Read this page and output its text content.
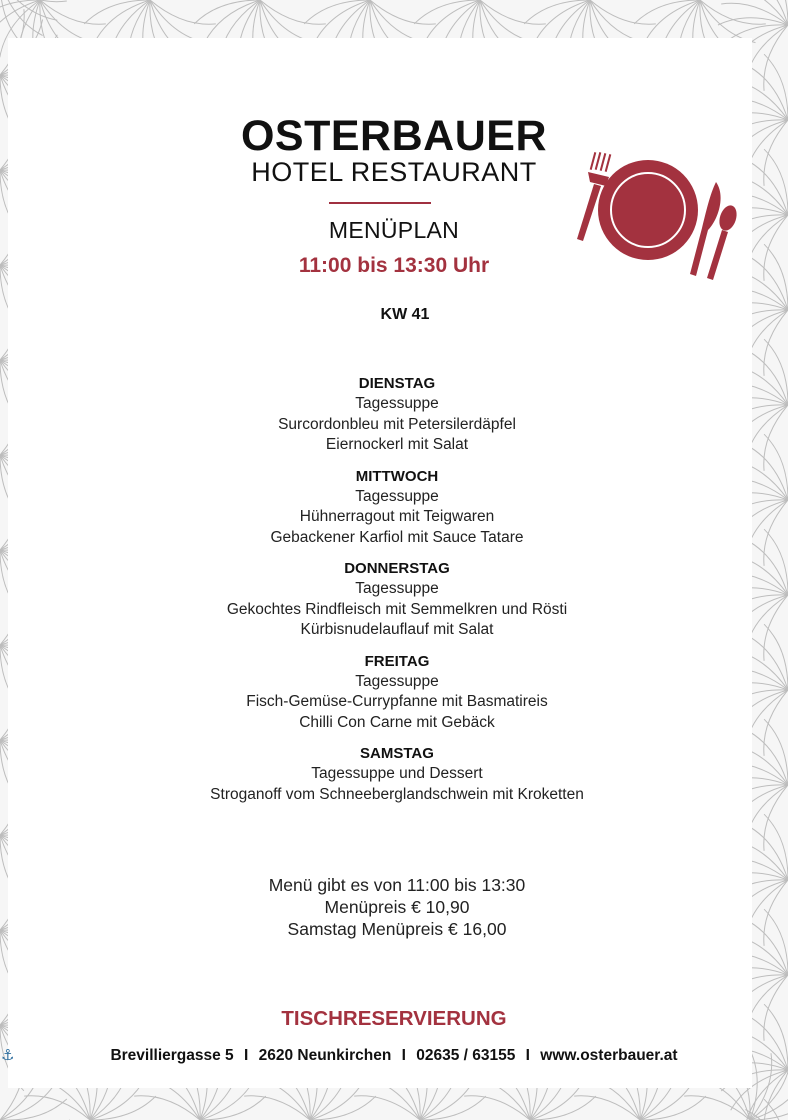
OSTERBAUER
HOTEL RESTAURANT
MENÜPLAN
11:00 bis 13:30 Uhr
KW 41
DIENSTAG
Tagessuppe
Surcordonbleu mit Petersilerdäpfel
Eiernockerl mit Salat
MITTWOCH
Tagessuppe
Hühnerragout mit Teigwaren
Gebackener Karfiol mit Sauce Tatare
DONNERSTAG
Tagessuppe
Gekochtes Rindfleisch mit Semmelkren und Rösti
Kürbisnudelauflauf mit Salat
FREITAG
Tagessuppe
Fisch-Gemüse-Currypfanne mit Basmatireis
Chilli Con Carne mit Gebäck
SAMSTAG
Tagessuppe und Dessert
Stroganoff vom Schneeberglandschwein mit Kroketten
Menü gibt es von 11:00 bis 13:30
Menüpreis € 10,90
Samstag Menüpreis € 16,00
TISCHRESERVIERUNG
Brevilliergasse 5 I 2620 Neunkirchen I 02635 / 63155 I www.osterbauer.at
⚓
